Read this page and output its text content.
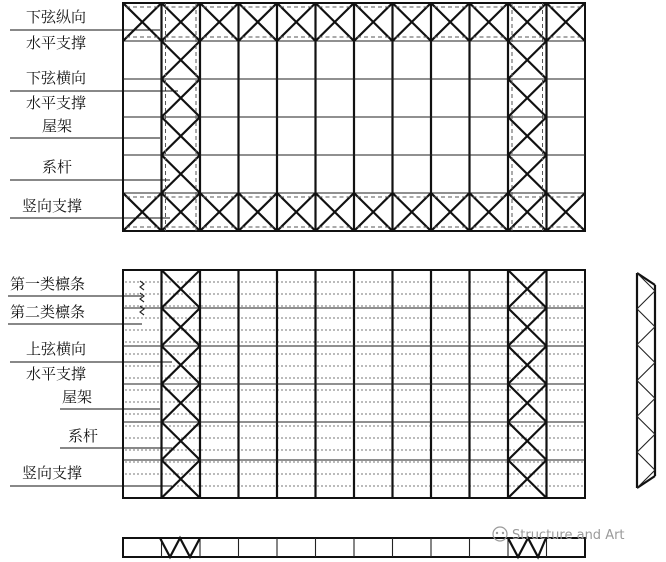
下弦纵向
水平支撑
下弦横向
水平支撑
屋架
系杆
竖向支撑
第一类檩条
第二类檩条
上弦横向
水平支撑
屋架
系杆
竖向支撑
Structure and Art
